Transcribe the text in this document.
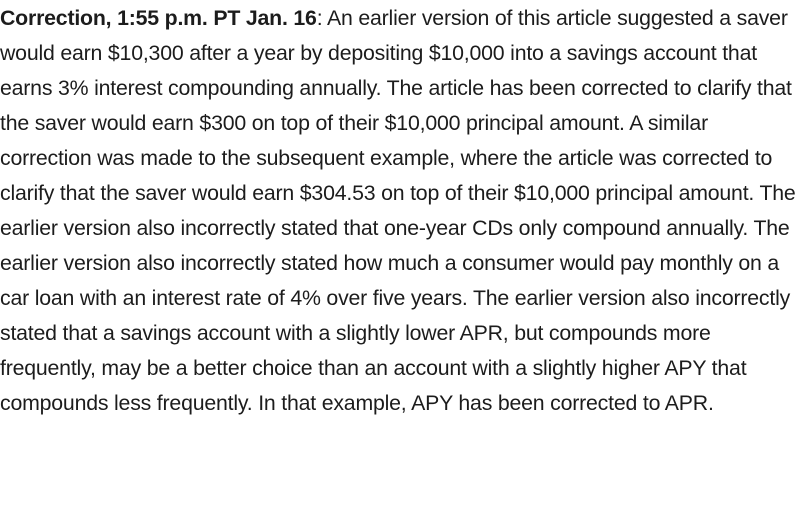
Correction, 1:55 p.m. PT Jan. 16: An earlier version of this article suggested a saver would earn $10,300 after a year by depositing $10,000 into a savings account that earns 3% interest compounding annually. The article has been corrected to clarify that the saver would earn $300 on top of their $10,000 principal amount. A similar correction was made to the subsequent example, where the article was corrected to clarify that the saver would earn $304.53 on top of their $10,000 principal amount. The earlier version also incorrectly stated that one-year CDs only compound annually. The earlier version also incorrectly stated how much a consumer would pay monthly on a car loan with an interest rate of 4% over five years. The earlier version also incorrectly stated that a savings account with a slightly lower APR, but compounds more frequently, may be a better choice than an account with a slightly higher APY that compounds less frequently. In that example, APY has been corrected to APR.
